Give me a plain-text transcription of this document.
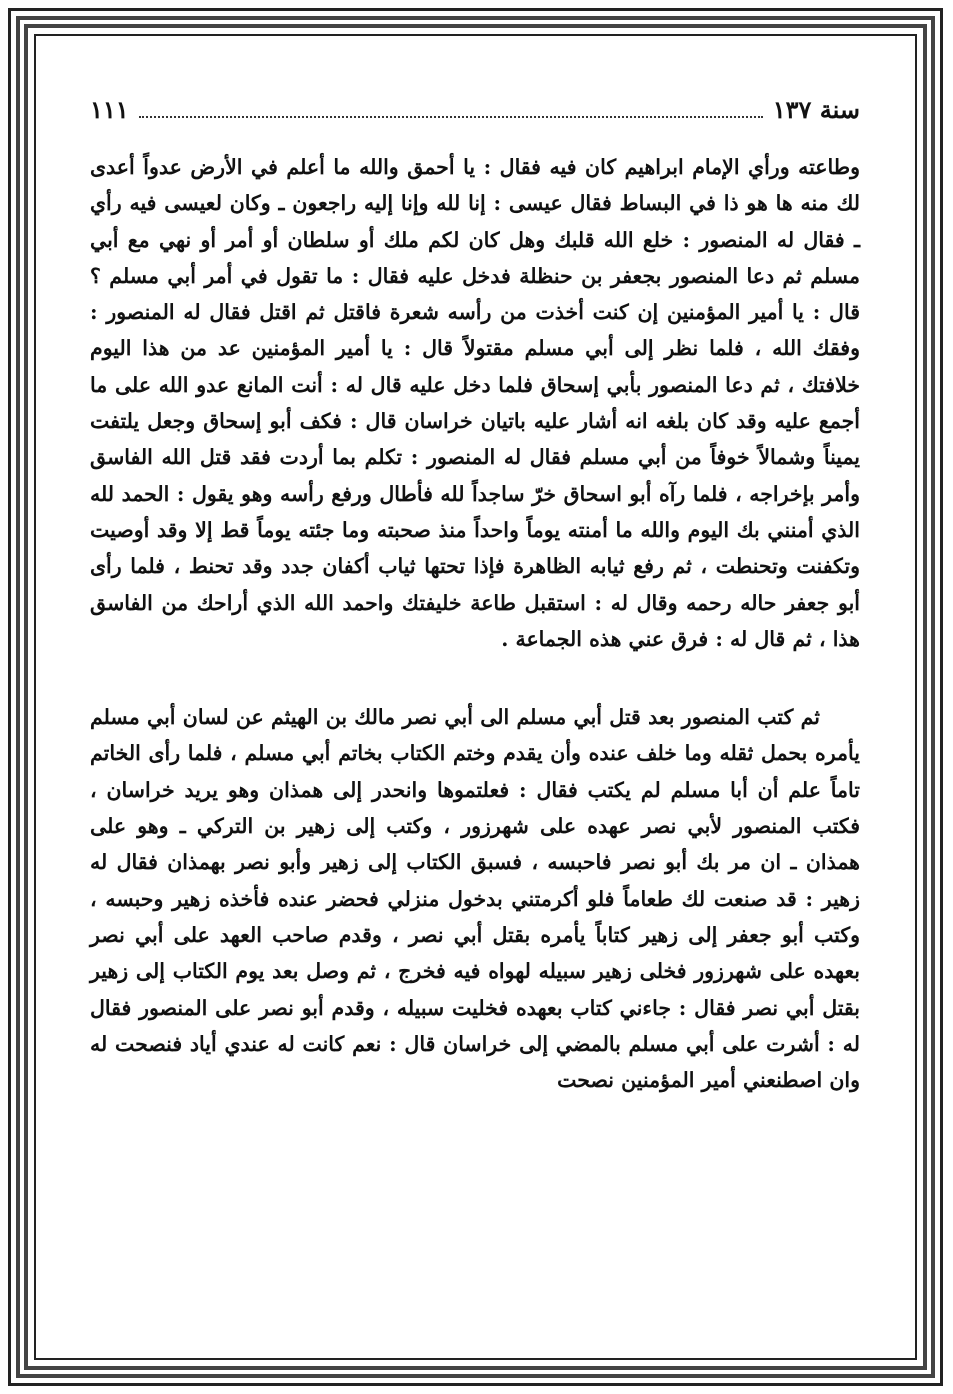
سنة ١٣٧
١١١

وطاعته ورأي الإمام ابراهيم كان فيه فقال : يا أحمق والله ما أعلم في الأرض عدواً أعدى لك منه ها هو ذا في البساط فقال عيسى : إنا لله وإنا إليه راجعون ـ وكان لعيسى فيه رأي ـ فقال له المنصور : خلع الله قلبك وهل كان لكم ملك أو سلطان أو أمر أو نهي مع أبي مسلم ثم دعا المنصور بجعفر بن حنظلة فدخل عليه فقال : ما تقول في أمر أبي مسلم ؟ قال : يا أمير المؤمنين إن كنت أخذت من رأسه شعرة فاقتل ثم اقتل فقال له المنصور : وفقك الله ، فلما نظر إلى أبي مسلم مقتولاً قال : يا أمير المؤمنين عد من هذا اليوم خلافتك ، ثم دعا المنصور بأبي إسحاق فلما دخل عليه قال له : أنت المانع عدو الله على ما أجمع عليه وقد كان بلغه انه أشار عليه باتيان خراسان قال : فكف أبو إسحاق وجعل يلتفت يميناً وشمالاً خوفاً من أبي مسلم فقال له المنصور : تكلم بما أردت فقد قتل الله الفاسق وأمر بإخراجه ، فلما رآه أبو اسحاق خرّ ساجداً لله فأطال ورفع رأسه وهو يقول : الحمد لله الذي أمنني بك اليوم والله ما أمنته يوماً واحداً منذ صحبته وما جئته يوماً قط إلا وقد أوصيت وتكفنت وتحنطت ، ثم رفع ثيابه الظاهرة فإذا تحتها ثياب أكفان جدد وقد تحنط ، فلما رأى أبو جعفر حاله رحمه وقال له : استقبل طاعة خليفتك واحمد الله الذي أراحك من الفاسق هذا ، ثم قال له : فرق عني هذه الجماعة .

ثم كتب المنصور بعد قتل أبي مسلم الى أبي نصر مالك بن الهيثم عن لسان أبي مسلم يأمره بحمل ثقله وما خلف عنده وأن يقدم وختم الكتاب بخاتم أبي مسلم ، فلما رأى الخاتم تاماً علم أن أبا مسلم لم يكتب فقال : فعلتموها وانحدر إلى همذان وهو يريد خراسان ، فكتب المنصور لأبي نصر عهده على شهرزور ، وكتب إلى زهير بن التركي ـ وهو على همذان ـ ان مر بك أبو نصر فاحبسه ، فسبق الكتاب إلى زهير وأبو نصر بهمذان فقال له زهير : قد صنعت لك طعاماً فلو أكرمتني بدخول منزلي فحضر عنده فأخذه زهير وحبسه ، وكتب أبو جعفر إلى زهير كتاباً يأمره بقتل أبي نصر ، وقدم صاحب العهد على أبي نصر بعهده على شهرزور فخلى زهير سبيله لهواه فيه فخرج ، ثم وصل بعد يوم الكتاب إلى زهير بقتل أبي نصر فقال : جاءني كتاب بعهده فخليت سبيله ، وقدم أبو نصر على المنصور فقال له : أشرت على أبي مسلم بالمضي إلى خراسان قال : نعم كانت له عندي أياد فنصحت له وان اصطنعني أمير المؤمنين نصحت
